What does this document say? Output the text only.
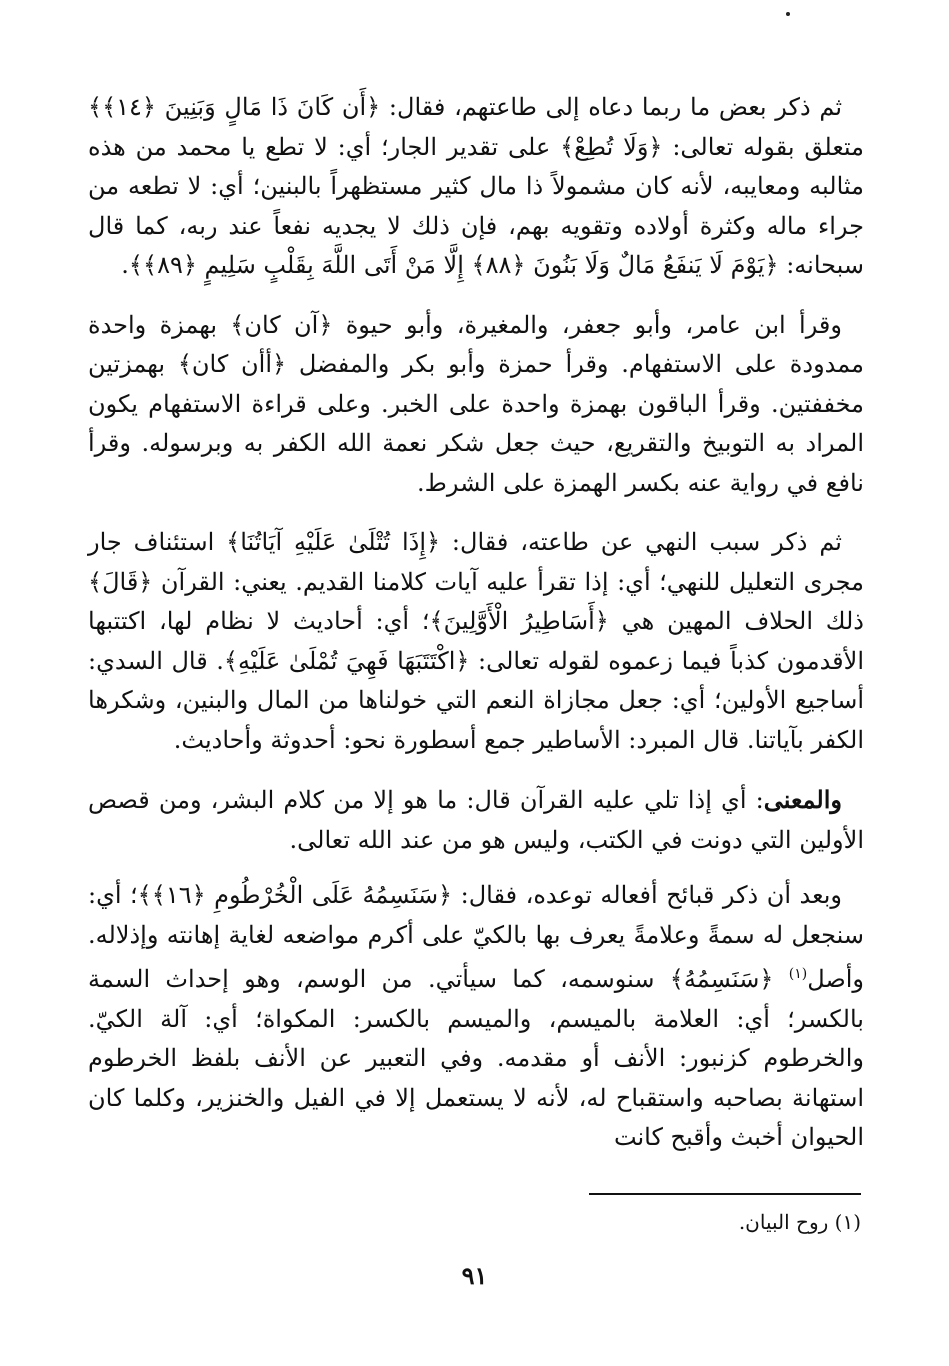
ثم ذكر بعض ما ربما دعاه إلى طاعتهم، فقال: ﴿أَن كَانَ ذَا مَالٍ وَبَنِينَ ﴿١٤﴾﴾ متعلق بقوله تعالى: ﴿وَلَا تُطِعْ﴾ على تقدير الجار؛ أي: لا تطع يا محمد من هذه مثالبه ومعايبه، لأنه كان مشمولاً ذا مال كثير مستظهراً بالبنين؛ أي: لا تطعه من جراء ماله وكثرة أولاده وتقويه بهم، فإن ذلك لا يجديه نفعاً عند ربه، كما قال سبحانه: ﴿يَوْمَ لَا يَنفَعُ مَالٌ وَلَا بَنُونَ ﴿٨٨﴾ إِلَّا مَنْ أَتَى اللَّهَ بِقَلْبٍ سَلِيمٍ ﴿٨٩﴾﴾.

وقرأ ابن عامر، وأبو جعفر، والمغيرة، وأبو حيوة ﴿آن كان﴾ بهمزة واحدة ممدودة على الاستفهام. وقرأ حمزة وأبو بكر والمفضل ﴿أأن كان﴾ بهمزتين مخففتين. وقرأ الباقون بهمزة واحدة على الخبر. وعلى قراءة الاستفهام يكون المراد به التوبيخ والتقريع، حيث جعل شكر نعمة الله الكفر به وبرسوله. وقرأ نافع في رواية عنه بكسر الهمزة على الشرط.

ثم ذكر سبب النهي عن طاعته، فقال: ﴿إِذَا تُتْلَىٰ عَلَيْهِ آيَاتُنَا﴾ استئناف جار مجرى التعليل للنهي؛ أي: إذا تقرأ عليه آيات كلامنا القديم. يعني: القرآن ﴿قَالَ﴾ ذلك الحلاف المهين هي ﴿أَسَاطِيرُ الْأَوَّلِينَ﴾؛ أي: أحاديث لا نظام لها، اكتتبها الأقدمون كذباً فيما زعموه لقوله تعالى: ﴿اكْتَتَبَهَا فَهِيَ تُمْلَىٰ عَلَيْهِ﴾. قال السدي: أساجيع الأولين؛ أي: جعل مجازاة النعم التي خولناها من المال والبنين، وشكرها الكفر بآياتنا. قال المبرد: الأساطير جمع أسطورة نحو: أحدوثة وأحاديث.

والمعنى: أي إذا تلي عليه القرآن قال: ما هو إلا من كلام البشر، ومن قصص الأولين التي دونت في الكتب، وليس هو من عند الله تعالى.

وبعد أن ذكر قبائح أفعاله توعده، فقال: ﴿سَنَسِمُهُ عَلَى الْخُرْطُومِ ﴿١٦﴾﴾؛ أي: سنجعل له سمةً وعلامةً يعرف بها بالكيّ على أكرم مواضعه لغاية إهانته وإذلاله. وأصل$^{(١)}$ ﴿سَنَسِمُهُ﴾ سنوسمه، كما سيأتي. من الوسم، وهو إحداث السمة بالكسر؛ أي: العلامة بالميسم، والميسم بالكسر: المكواة؛ أي: آلة الكيّ. والخرطوم كزنبور: الأنف أو مقدمه. وفي التعبير عن الأنف بلفظ الخرطوم استهانة بصاحبه واستقباح له، لأنه لا يستعمل إلا في الفيل والخنزير، وكلما كان الحيوان أخبث وأقبح كانت

(١) روح البيان.
٩١
